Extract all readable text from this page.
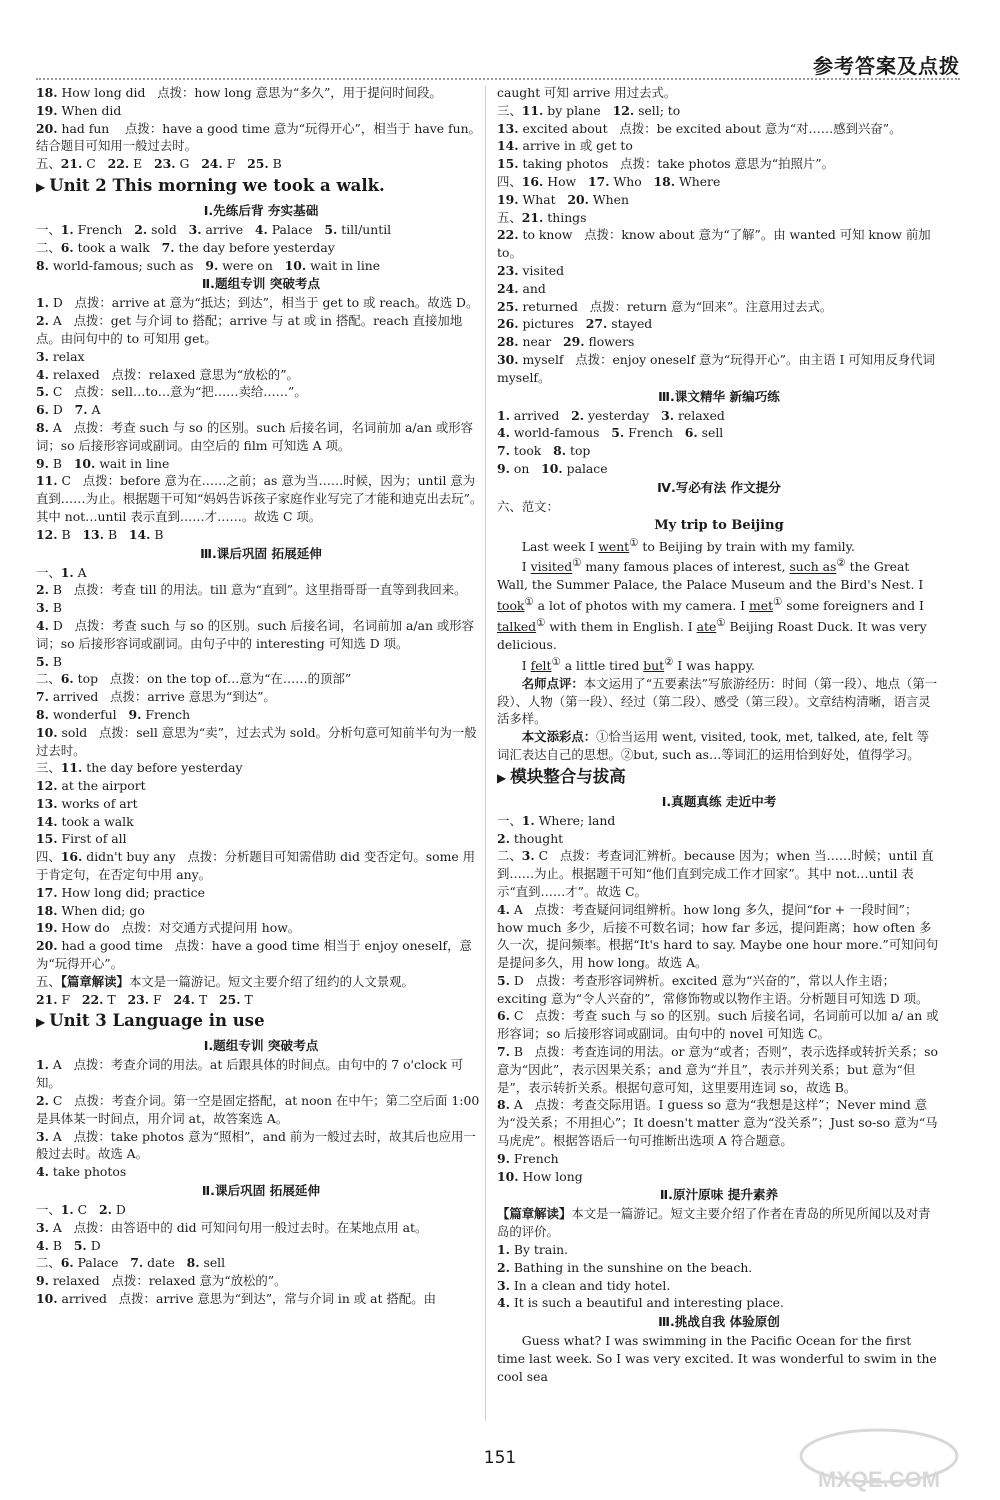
参考答案及点拨
18. How long did   点拨：how long 意思为“多久”，用于提问时间段。
19. When did
20. had fun    点拨：have a good time 意为“玩得开心”，相当于 have fun。结合题目可知用一般过去时。
五、21. C   22. E   23. G   24. F   25. B
▶ Unit 2 This morning we took a walk.
Ⅰ.先练后背 夯实基础
一、1. French   2. sold   3. arrive   4. Palace   5. till/until
二、6. took a walk   7. the day before yesterday
8. world-famous; such as   9. were on   10. wait in line
Ⅱ.题组专训 突破考点
1. D   点拨：arrive at 意为“抵达；到达”，相当于 get to 或 reach。故选 D。
2. A   点拨：get 与介词 to 搭配；arrive 与 at 或 in 搭配。reach 直接加地点。由问句中的 to 可知用 get。
3. relax
4. relaxed   点拨：relaxed 意思为“放松的”。
5. C   点拨：sell…to…意为“把……卖给……”。
6. D   7. A
8. A   点拨：考查 such 与 so 的区别。such 后接名词，名词前加 a/an 或形容词；so 后接形容词或副词。由空后的 film 可知选 A 项。
9. B   10. wait in line
11. C   点拨：before 意为在……之前；as 意为当……时候，因为；until 意为直到……为止。根据题干可知“妈妈告诉孩子家庭作业写完了才能和迪克出去玩”。其中 not…until 表示直到……才……。故选 C 项。
12. B   13. B   14. B
Ⅲ.课后巩固 拓展延伸
一、1. A
2. B   点拨：考查 till 的用法。till 意为“直到”。这里指哥哥一直等到我回来。
3. B
4. D   点拨：考查 such 与 so 的区别。such 后接名词，名词前加 a/an 或形容词；so 后接形容词或副词。由句子中的 interesting 可知选 D 项。
5. B
二、6. top   点拨：on the top of…意为“在……的顶部”
7. arrived   点拨：arrive 意思为“到达”。
8. wonderful   9. French
10. sold   点拨：sell 意思为“卖”，过去式为 sold。分析句意可知前半句为一般过去时。
三、11. the day before yesterday
12. at the airport
13. works of art
14. took a walk
15. First of all
四、16. didn't buy any   点拨：分析题目可知需借助 did 变否定句。some 用于肯定句，在否定句中用 any。
17. How long did; practice
18. When did; go
19. How do   点拨：对交通方式提问用 how。
20. had a good time   点拨：have a good time 相当于 enjoy oneself，意为“玩得开心”。
五、【篇章解读】本文是一篇游记。短文主要介绍了纽约的人文景观。
21. F   22. T   23. F   24. T   25. T
▶ Unit 3 Language in use
Ⅰ.题组专训 突破考点
1. A   点拨：考查介词的用法。at 后跟具体的时间点。由句中的 7 o'clock 可知。
2. C   点拨：考查介词。第一空是固定搭配，at noon 在中午；第二空后面 1:00 是具体某一时间点，用介词 at，故答案选 A。
3. A   点拨：take photos 意为“照相”，and 前为一般过去时，故其后也应用一般过去时。故选 A。
4. take photos
Ⅱ.课后巩固 拓展延伸
一、1. C   2. D
3. A   点拨：由答语中的 did 可知问句用一般过去时。在某地点用 at。
4. B   5. D
二、6. Palace   7. date   8. sell
9. relaxed   点拨：relaxed 意为“放松的”。
10. arrived   点拨：arrive 意思为“到达”，常与介词 in 或 at 搭配。由
caught 可知 arrive 用过去式。
三、11. by plane   12. sell; to
13. excited about   点拨：be excited about 意为“对……感到兴奋”。
14. arrive in 或 get to
15. taking photos   点拨：take photos 意思为“拍照片”。
四、16. How   17. Who   18. Where
19. What   20. When
五、21. things
22. to know   点拨：know about 意为“了解”。由 wanted 可知 know 前加 to。
23. visited
24. and
25. returned   点拨：return 意为“回来”。注意用过去式。
26. pictures   27. stayed
28. near   29. flowers
30. myself   点拨：enjoy oneself 意为“玩得开心”。由主语 I 可知用反身代词 myself。
Ⅲ.课文精华 新编巧练
1. arrived   2. yesterday   3. relaxed
4. world-famous   5. French   6. sell
7. took   8. top
9. on   10. palace
Ⅳ.写必有法 作文提分
六、范文：
My trip to Beijing
Last week I went① to Beijing by train with my family.
I visited① many famous places of interest, such as② the Great Wall, the Summer Palace, the Palace Museum and the Bird's Nest. I took① a lot of photos with my camera. I met① some foreigners and I talked① with them in English. I ate① Beijing Roast Duck. It was very delicious.
I felt① a little tired but② I was happy.
名师点评：本文运用了“五要素法”写旅游经历：时间（第一段）、地点（第一段）、人物（第一段）、经过（第二段）、感受（第三段）。文章结构清晰，语言灵活多样。
本文添彩点：①恰当运用 went, visited, took, met, talked, ate, felt 等词汇表达自己的思想。②but, such as…等词汇的运用恰到好处，值得学习。
▶ 模块整合与拔高
Ⅰ.真题真练 走近中考
一、1. Where; land
2. thought
二、3. C   点拨：考查词汇辨析。because 因为；when 当……时候；until 直到……为止。根据题干可知“他们直到完成工作才回家”。其中 not…until 表示“直到……才”。故选 C。
4. A   点拨：考查疑问词组辨析。how long 多久，提问“for + 一段时间”；how much 多少，后接不可数名词；how far 多远，提问距离；how often 多久一次，提问频率。根据“It's hard to say. Maybe one hour more.”可知问句是提问多久，用 how long。故选 A。
5. D   点拨：考查形容词辨析。excited 意为“兴奋的”，常以人作主语；exciting 意为“令人兴奋的”，常修饰物或以物作主语。分析题目可知选 D 项。
6. C   点拨：考查 such 与 so 的区别。such 后接名词，名词前可以加 a/ an 或形容词；so 后接形容词或副词。由句中的 novel 可知选 C。
7. B   点拨：考查连词的用法。or 意为“或者；否则”，表示选择或转折关系；so 意为“因此”，表示因果关系；and 意为“并且”，表示并列关系；but 意为“但是”，表示转折关系。根据句意可知，这里要用连词 so，故选 B。
8. A   点拨：考查交际用语。I guess so 意为“我想是这样”；Never mind 意为“没关系；不用担心”；It doesn't matter 意为“没关系”；Just so-so 意为“马马虎虎”。根据答语后一句可推断出选项 A 符合题意。
9. French
10. How long
Ⅱ.原汁原味 提升素养
【篇章解读】本文是一篇游记。短文主要介绍了作者在青岛的所见所闻以及对青岛的评价。
1. By train.
2. Bathing in the sunshine on the beach.
3. In a clean and tidy hotel.
4. It is such a beautiful and interesting place.
Ⅲ.挑战自我 体验原创
Guess what? I was swimming in the Pacific Ocean for the first time last week. So I was very excited. It was wonderful to swim in the cool sea
151
MXQE.COM
